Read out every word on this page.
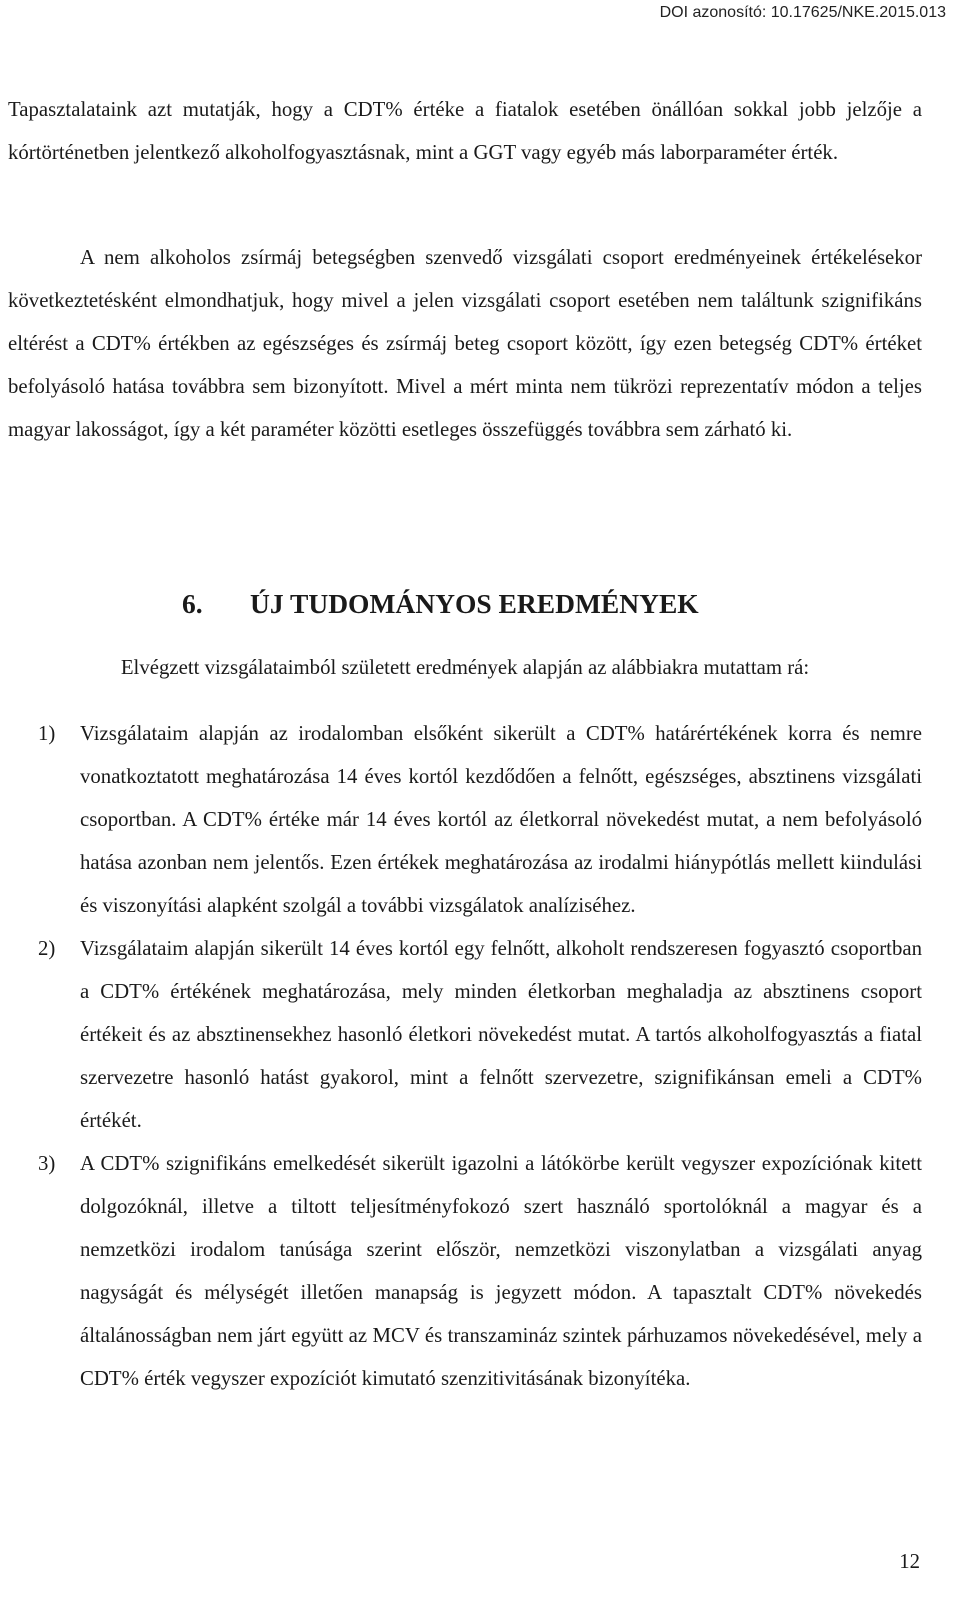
DOI azonosító: 10.17625/NKE.2015.013

Tapasztalataink azt mutatják, hogy a CDT% értéke a fiatalok esetében önállóan sokkal jobb jelzője a kórtörténetben jelentkező alkoholfogyasztásnak, mint a GGT vagy egyéb más laborparaméter érték.

A nem alkoholos zsírmáj betegségben szenvedő vizsgálati csoport eredményeinek értékelésekor következtetésként elmondhatjuk, hogy mivel a jelen vizsgálati csoport esetében nem találtunk szignifikáns eltérést a CDT% értékben az egészséges és zsírmáj beteg csoport között, így ezen betegség CDT% értéket befolyásoló hatása továbbra sem bizonyított. Mivel a mért minta nem tükrözi reprezentatív módon a teljes magyar lakosságot, így a két paraméter közötti esetleges összefüggés továbbra sem zárható ki.

6. ÚJ TUDOMÁNYOS EREDMÉNYEK

Elvégzett vizsgálataimból született eredmények alapján az alábbiakra mutattam rá:

1) Vizsgálataim alapján az irodalomban elsőként sikerült a CDT% határértékének korra és nemre vonatkoztatott meghatározása 14 éves kortól kezdődően a felnőtt, egészséges, absztinens vizsgálati csoportban. A CDT% értéke már 14 éves kortól az életkorral növekedést mutat, a nem befolyásoló hatása azonban nem jelentős. Ezen értékek meghatározása az irodalmi hiánypótlás mellett kiindulási és viszonyítási alapként szolgál a további vizsgálatok analíziséhez.
2) Vizsgálataim alapján sikerült 14 éves kortól egy felnőtt, alkoholt rendszeresen fogyasztó csoportban a CDT% értékének meghatározása, mely minden életkorban meghaladja az absztinens csoport értékeit és az absztinensekhez hasonló életkori növekedést mutat. A tartós alkoholfogyasztás a fiatal szervezetre hasonló hatást gyakorol, mint a felnőtt szervezetre, szignifikánsan emeli a CDT% értékét.
3) A CDT% szignifikáns emelkedését sikerült igazolni a látókörbe került vegyszer expozíciónak kitett dolgozóknál, illetve a tiltott teljesítményfokozó szert használó sportolóknál a magyar és a nemzetközi irodalom tanúsága szerint először, nemzetközi viszonylatban a vizsgálati anyag nagyságát és mélységét illetően manapság is jegyzett módon. A tapasztalt CDT% növekedés általánosságban nem járt együtt az MCV és transzamináz szintek párhuzamos növekedésével, mely a CDT% érték vegyszer expozíciót kimutató szenzitivitásának bizonyítéka.
12
